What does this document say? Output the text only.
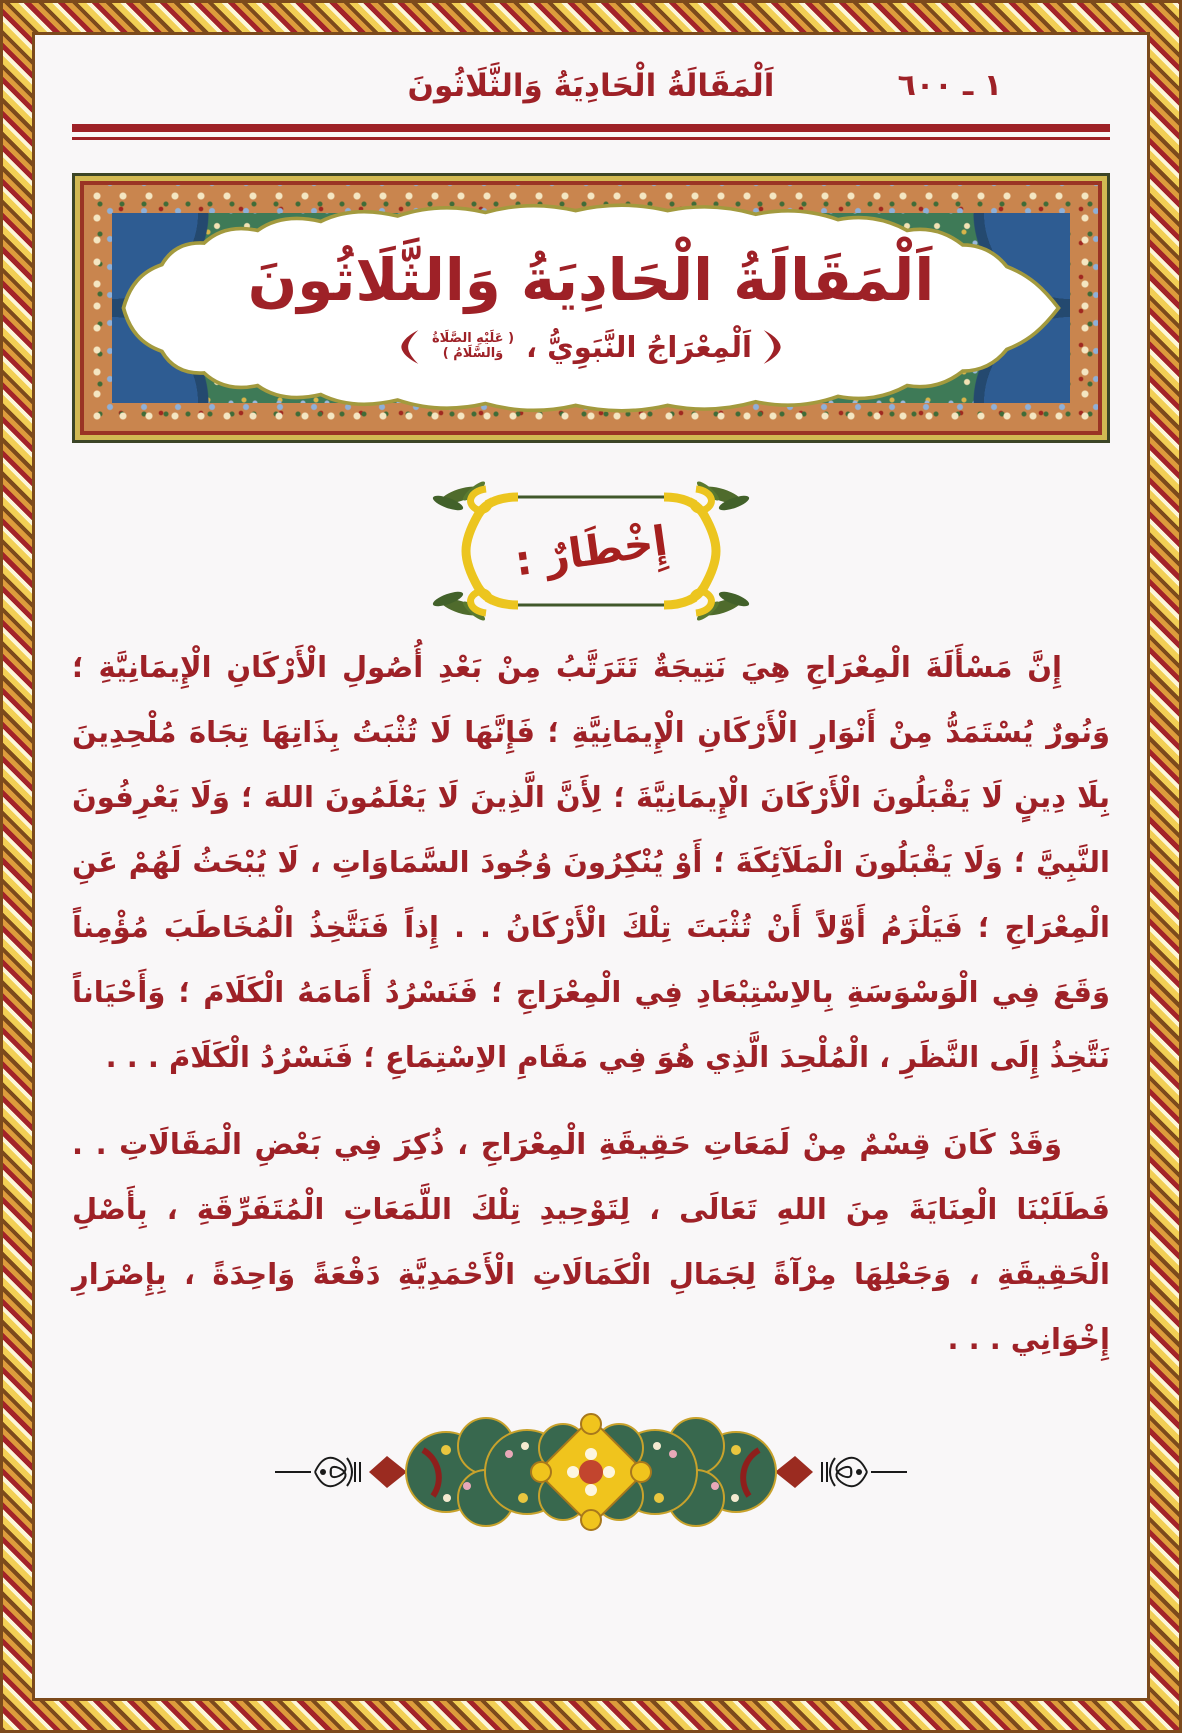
اَلْمَقَالَةُ الْحَادِيَةُ وَالثَّلَاثُونَ	١ ـ ٦٠٠
اَلْمَقَالَةُ الْحَادِيَةُ وَالثَّلَاثُونَ
اَلْمِعْرَاجُ النَّبَوِيُّ ،
( عَلَيْهِ الصَّلَاةُ وَالسَّلَامُ )
إِخْطَارٌ :

إِنَّ مَسْأَلَةَ الْمِعْرَاجِ هِيَ نَتِيجَةٌ تَتَرَتَّبُ مِنْ بَعْدِ أُصُولِ الْأَرْكَانِ الْإِيمَانِيَّةِ ؛ وَنُورٌ يُسْتَمَدُّ مِنْ أَنْوَارِ الْأَرْكَانِ الْإِيمَانِيَّةِ ؛ فَإِنَّهَا لَا تُثْبَتُ بِذَاتِهَا تِجَاهَ مُلْحِدِينَ بِلَا دِينٍ لَا يَقْبَلُونَ الْأَرْكَانَ الْإِيمَانِيَّةَ ؛ لِأَنَّ الَّذِينَ لَا يَعْلَمُونَ اللهَ ؛ وَلَا يَعْرِفُونَ النَّبِيَّ ؛ وَلَا يَقْبَلُونَ الْمَلَآئِكَةَ ؛ أَوْ يُنْكِرُونَ وُجُودَ السَّمَاوَاتِ ، لَا يُبْحَثُ لَهُمْ عَنِ الْمِعْرَاجِ ؛ فَيَلْزَمُ أَوَّلاً أَنْ تُثْبَتَ تِلْكَ الْأَرْكَانُ . . إِذاً فَنَتَّخِذُ الْمُخَاطَبَ مُؤْمِناً وَقَعَ فِي الْوَسْوَسَةِ بِالاِسْتِبْعَادِ فِي الْمِعْرَاجِ ؛ فَنَسْرُدُ أَمَامَهُ الْكَلَامَ ؛ وَأَحْيَاناً نَتَّخِذُ إِلَى النَّظَرِ ، الْمُلْحِدَ الَّذِي هُوَ فِي مَقَامِ الاِسْتِمَاعِ ؛ فَنَسْرُدُ الْكَلَامَ . . .

وَقَدْ كَانَ قِسْمٌ مِنْ لَمَعَاتِ حَقِيقَةِ الْمِعْرَاجِ ، ذُكِرَ فِي بَعْضِ الْمَقَالَاتِ . . فَطَلَبْنَا الْعِنَايَةَ مِنَ اللهِ تَعَالَى ، لِتَوْحِيدِ تِلْكَ اللَّمَعَاتِ الْمُتَفَرِّقَةِ ، بِأَصْلِ الْحَقِيقَةِ ، وَجَعْلِهَا مِرْآةً لِجَمَالِ الْكَمَالَاتِ الْأَحْمَدِيَّةِ دَفْعَةً وَاحِدَةً ، بِإِصْرَارِ إِخْوَانِي . . .
